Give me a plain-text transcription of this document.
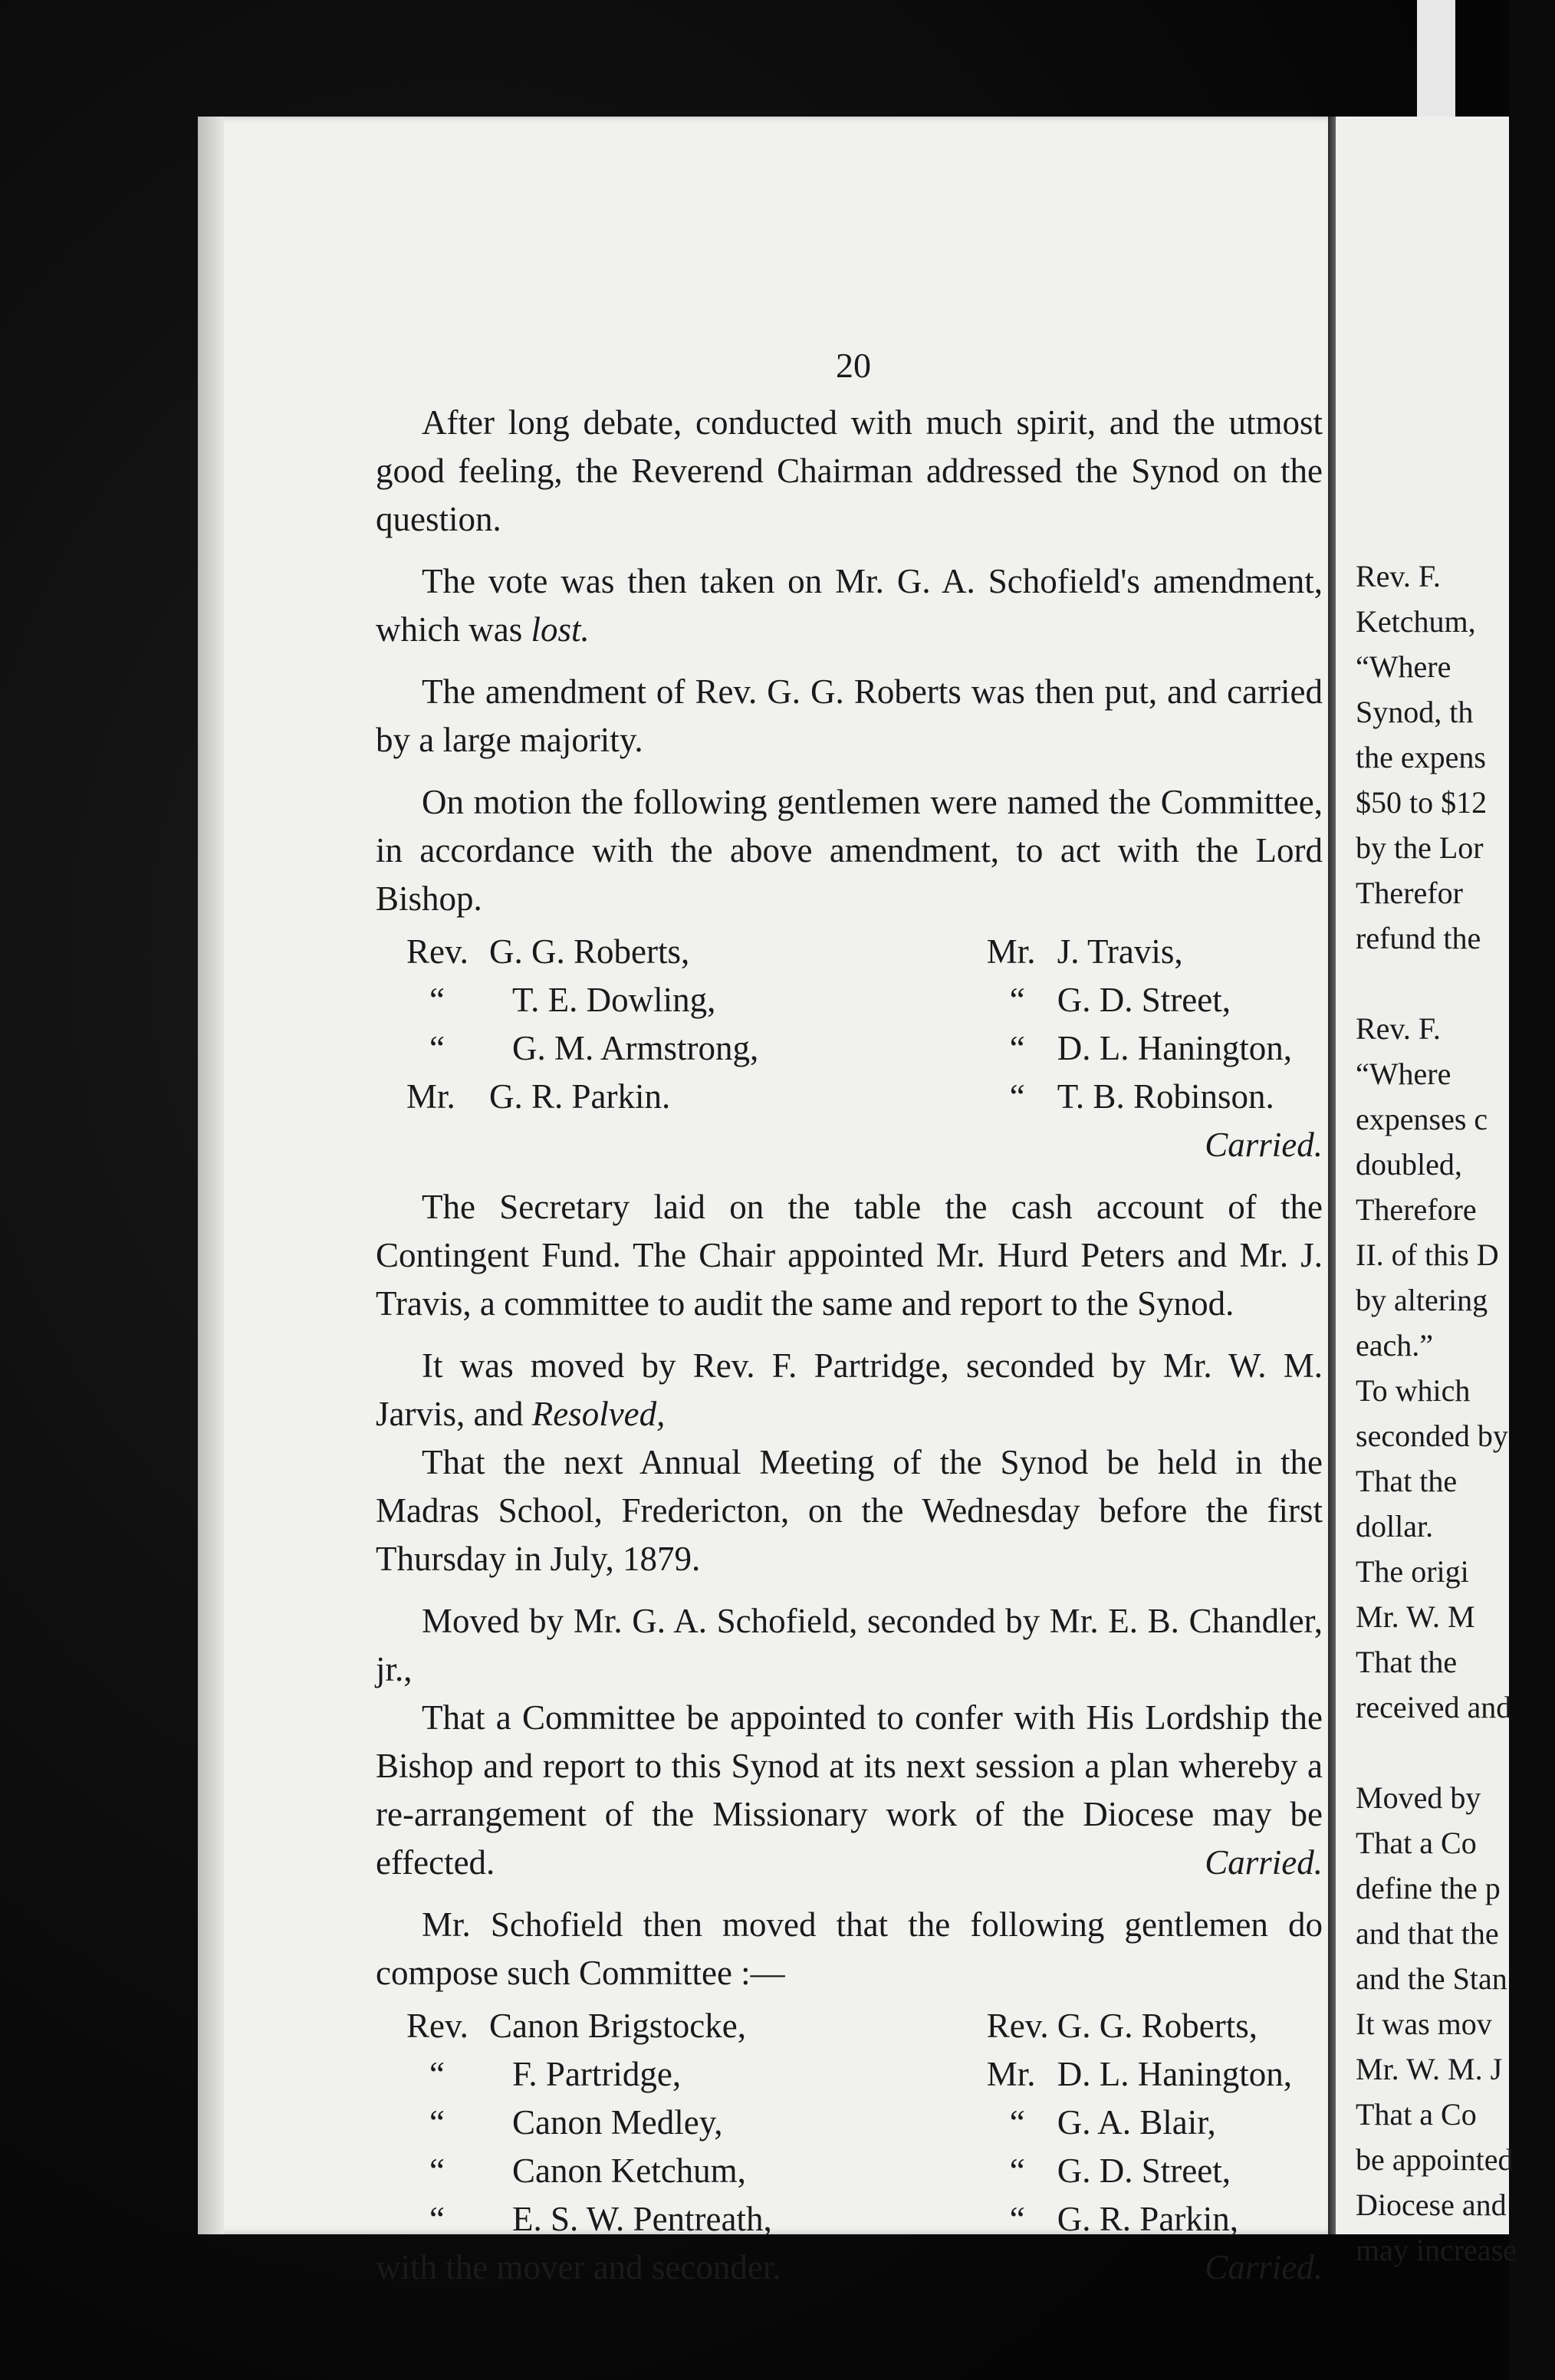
20

After long debate, conducted with much spirit, and the utmost good feeling, the Reverend Chairman addressed the Synod on the question.

The vote was then taken on Mr. G. A. Schofield's amendment, which was lost.

The amendment of Rev. G. G. Roberts was then put, and carried by a large majority.

On motion the following gentlemen were named the Committee, in accordance with the above amendment, to act with the Lord Bishop.

Rev. G. G. Roberts,
“ T. E. Dowling,
“ G. M. Armstrong,
Mr. G. R. Parkin.
Mr. J. Travis,
“ G. D. Street,
“ D. L. Hanington,
“ T. B. Robinson.

Carried.

The Secretary laid on the table the cash account of the Contingent Fund. The Chair appointed Mr. Hurd Peters and Mr. J. Travis, a committee to audit the same and report to the Synod.

It was moved by Rev. F. Partridge, seconded by Mr. W. M. Jarvis, and Resolved,

That the next Annual Meeting of the Synod be held in the Madras School, Fredericton, on the Wednesday before the first Thursday in July, 1879.

Moved by Mr. G. A. Schofield, seconded by Mr. E. B. Chandler, jr.,

That a Committee be appointed to confer with His Lordship the Bishop and report to this Synod at its next session a plan whereby a re-arrangement of the Missionary work of the Diocese may be effected.	Carried.

Mr. Schofield then moved that the following gentlemen do compose such Committee :—

Rev. Canon Brigstocke,
“ F. Partridge,
“ Canon Medley,
“ Canon Ketchum,
“ E. S. W. Pentreath,
Rev. G. G. Roberts,
Mr. D. L. Hanington,
“ G. A. Blair,
“ G. D. Street,
“ G. R. Parkin,

with the mover and seconder.	Carried.

Rev. F.
Ketchum,
“Where
Synod, th
the expens
$50 to $12
by the Lor
Therefor
refund the

Rev. F.
“Where
expenses c
doubled,
Therefore
II. of this D
by altering
each.”
To which
seconded by
That the
dollar.
The origi
Mr. W. M
That the
received and

Moved by
That a Co
define the p
and that the
and the Stan
It was mov
Mr. W. M. J
That a Co
be appointed
Diocese and
may increase
